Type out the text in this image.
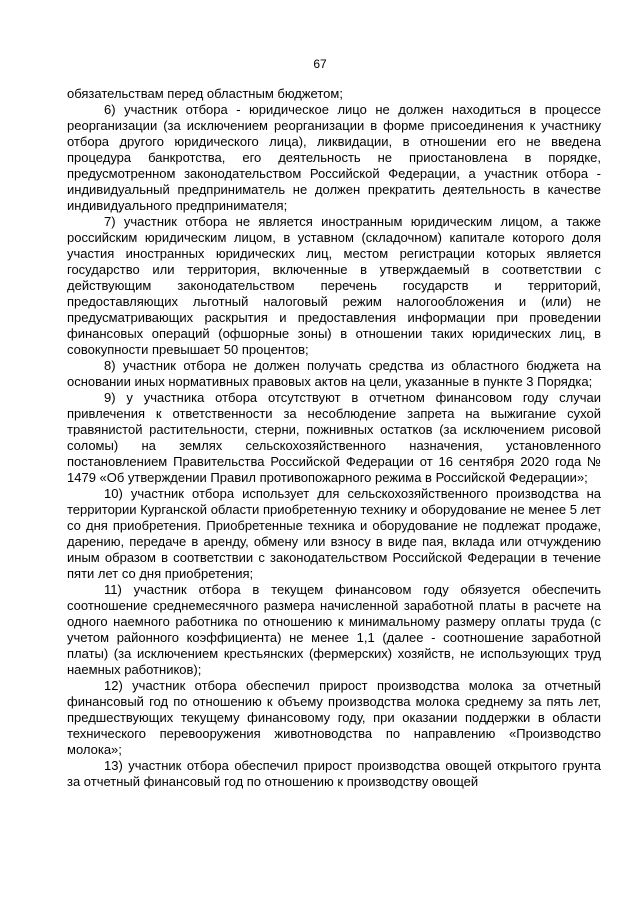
67

обязательствам перед областным бюджетом;

6) участник отбора - юридическое лицо не должен находиться в процессе реорганизации (за исключением реорганизации в форме присоединения к участнику отбора другого юридического лица), ликвидации, в отношении его не введена процедура банкротства, его деятельность не приостановлена в порядке, предусмотренном законодательством Российской Федерации, а участник отбора - индивидуальный предприниматель не должен прекратить деятельность в качестве индивидуального предпринимателя;

7) участник отбора не является иностранным юридическим лицом, а также российским юридическим лицом, в уставном (складочном) капитале которого доля участия иностранных юридических лиц, местом регистрации которых является государство или территория, включенные в утверждаемый в соответствии с действующим законодательством перечень государств и территорий, предоставляющих льготный налоговый режим налогообложения и (или) не предусматривающих раскрытия и предоставления информации при проведении финансовых операций (офшорные зоны) в отношении таких юридических лиц, в совокупности превышает 50 процентов;

8) участник отбора не должен получать средства из областного бюджета на основании иных нормативных правовых актов на цели, указанные в пункте 3 Порядка;

9) у участника отбора отсутствуют в отчетном финансовом году случаи привлечения к ответственности за несоблюдение запрета на выжигание сухой травянистой растительности, стерни, пожнивных остатков (за исключением рисовой соломы) на землях сельскохозяйственного назначения, установленного постановлением Правительства Российской Федерации от 16 сентября 2020 года № 1479 «Об утверждении Правил противопожарного режима в Российской Федерации»;

10) участник отбора использует для сельскохозяйственного производства на территории Курганской области приобретенную технику и оборудование не менее 5 лет со дня приобретения. Приобретенные техника и оборудование не подлежат продаже, дарению, передаче в аренду, обмену или взносу в виде пая, вклада или отчуждению иным образом в соответствии с законодательством Российской Федерации в течение пяти лет со дня приобретения;

11) участник отбора в текущем финансовом году обязуется обеспечить соотношение среднемесячного размера начисленной заработной платы в расчете на одного наемного работника по отношению к минимальному размеру оплаты труда (с учетом районного коэффициента) не менее 1,1 (далее - соотношение заработной платы) (за исключением крестьянских (фермерских) хозяйств, не использующих труд наемных работников);

12) участник отбора обеспечил прирост производства молока за отчетный финансовый год по отношению к объему производства молока среднему за пять лет, предшествующих текущему финансовому году, при оказании поддержки в области технического перевооружения животноводства по направлению «Производство молока»;

13) участник отбора обеспечил прирост производства овощей открытого грунта за отчетный финансовый год по отношению к производству овощей
